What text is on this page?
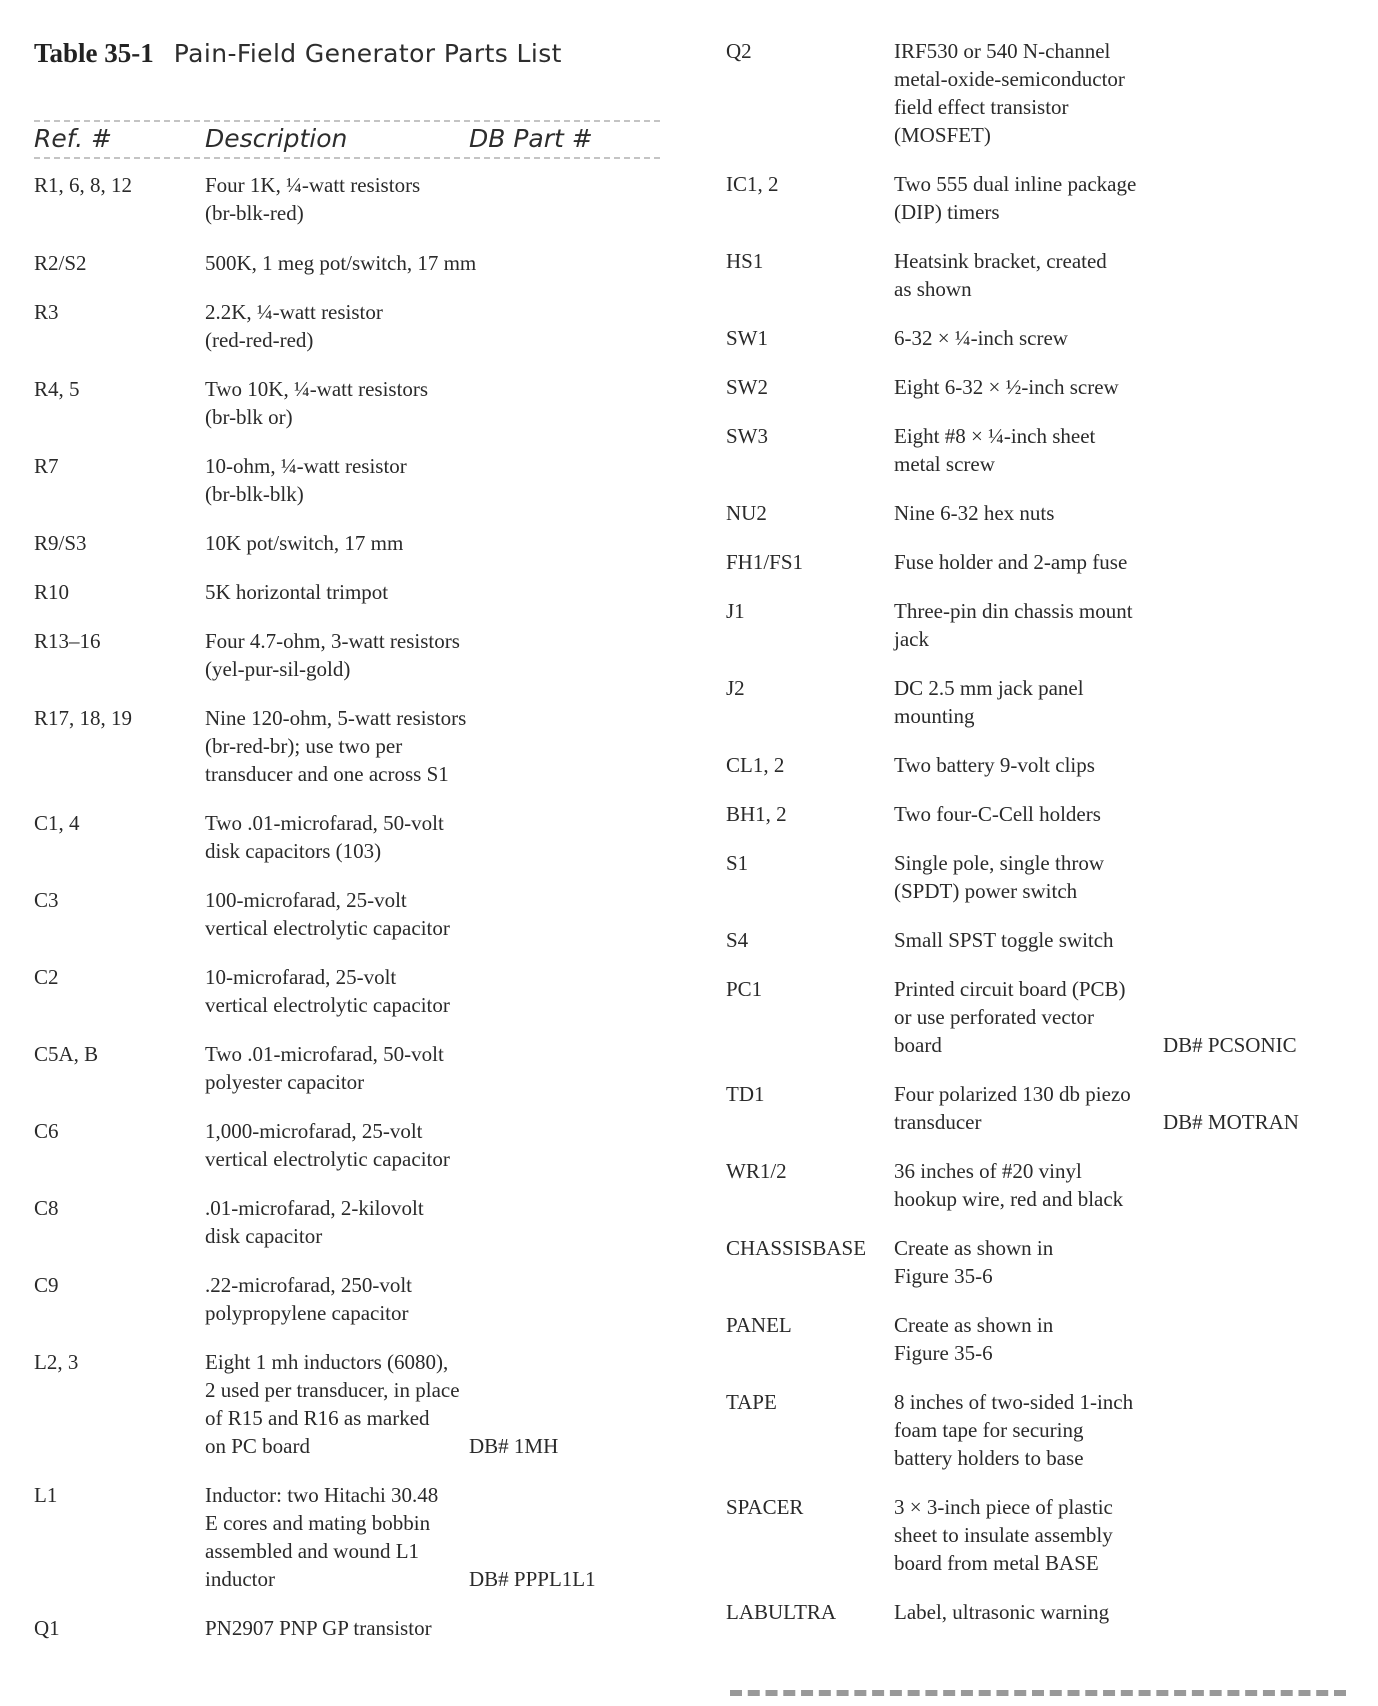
Table 35-1 Pain-Field Generator Parts List
Ref. #	Description	DB Part #
R1, 6, 8, 12	Four 1K, ¼-watt resistors
(br-blk-red)
R2/S2	500K, 1 meg pot/switch, 17 mm
R3	2.2K, ¼-watt resistor
(red-red-red)
R4, 5	Two 10K, ¼-watt resistors
(br-blk or)
R7	10-ohm, ¼-watt resistor
(br-blk-blk)
R9/S3	10K pot/switch, 17 mm
R10	5K horizontal trimpot
R13–16	Four 4.7-ohm, 3-watt resistors
(yel-pur-sil-gold)
R17, 18, 19	Nine 120-ohm, 5-watt resistors
(br-red-br); use two per
transducer and one across S1
C1, 4	Two .01-microfarad, 50-volt
disk capacitors (103)
C3	100-microfarad, 25-volt
vertical electrolytic capacitor
C2	10-microfarad, 25-volt
vertical electrolytic capacitor
C5A, B	Two .01-microfarad, 50-volt
polyester capacitor
C6	1,000-microfarad, 25-volt
vertical electrolytic capacitor
C8	.01-microfarad, 2-kilovolt
disk capacitor
C9	.22-microfarad, 250-volt
polypropylene capacitor
L2, 3	Eight 1 mh inductors (6080),
2 used per transducer, in place
of R15 and R16 as marked
on PC board	DB# 1MH
L1	Inductor: two Hitachi 30.48
E cores and mating bobbin
assembled and wound L1
inductor	DB# PPPL1L1
Q1	PN2907 PNP GP transistor
Q2	IRF530 or 540 N-channel
metal-oxide-semiconductor
field effect transistor
(MOSFET)
IC1, 2	Two 555 dual inline package
(DIP) timers
HS1	Heatsink bracket, created
as shown
SW1	6-32 × ¼-inch screw
SW2	Eight 6-32 × ½-inch screw
SW3	Eight #8 × ¼-inch sheet
metal screw
NU2	Nine 6-32 hex nuts
FH1/FS1	Fuse holder and 2-amp fuse
J1	Three-pin din chassis mount
jack
J2	DC 2.5 mm jack panel
mounting
CL1, 2	Two battery 9-volt clips
BH1, 2	Two four-C-Cell holders
S1	Single pole, single throw
(SPDT) power switch
S4	Small SPST toggle switch
PC1	Printed circuit board (PCB)
or use perforated vector
board	DB# PCSONIC
TD1	Four polarized 130 db piezo
transducer	DB# MOTRAN
WR1/2	36 inches of #20 vinyl
hookup wire, red and black
CHASSISBASE Create as shown in
Figure 35-6
PANEL	Create as shown in
Figure 35-6
TAPE	8 inches of two-sided 1-inch
foam tape for securing
battery holders to base
SPACER	3 × 3-inch piece of plastic
sheet to insulate assembly
board from metal BASE
LABULTRA	Label, ultrasonic warning
